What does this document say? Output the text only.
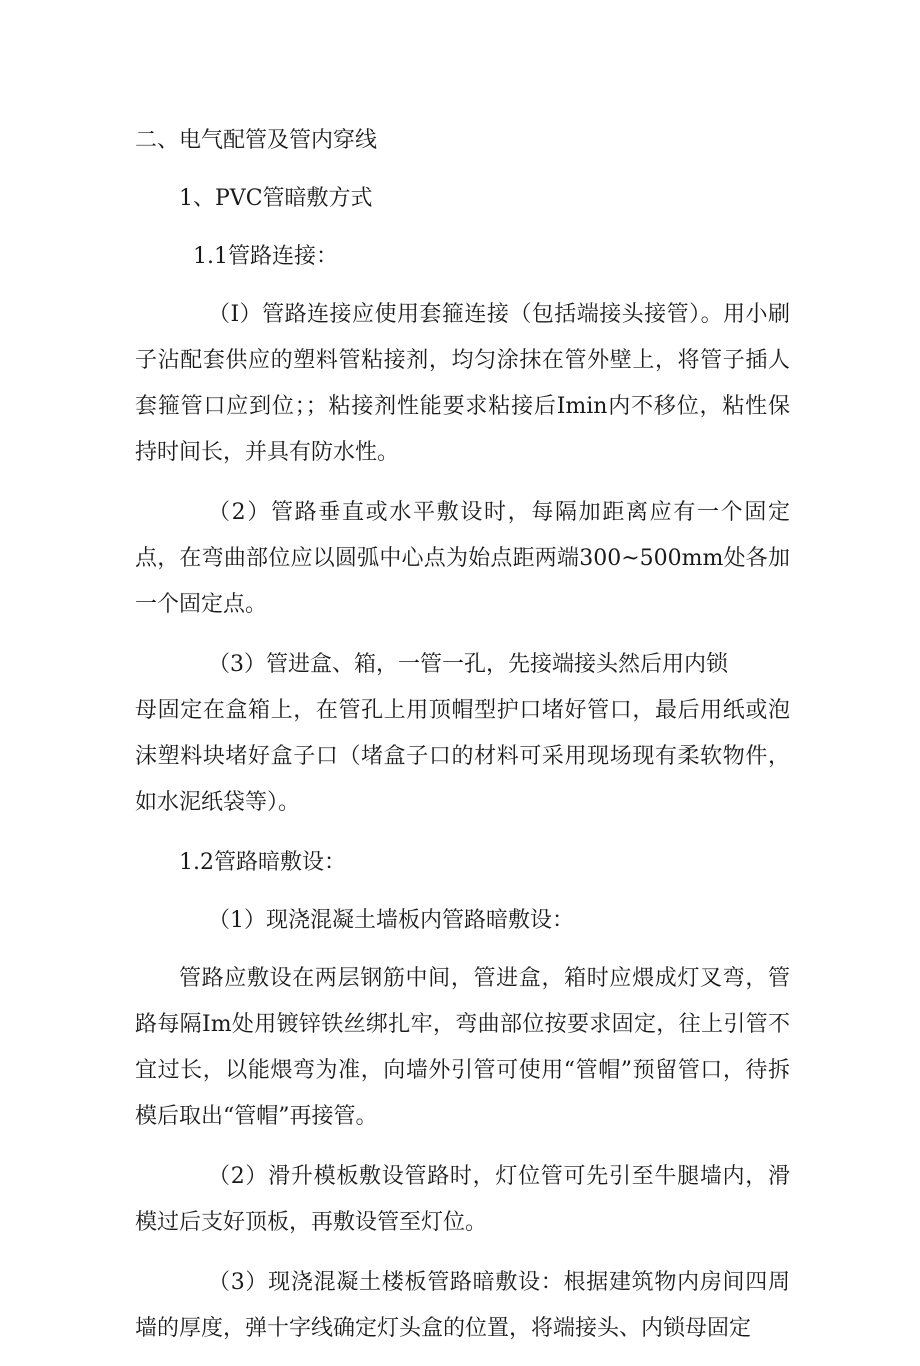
二、电气配管及管内穿线
1、PVC管暗敷方式
1.1管路连接：
（I）管路连接应使用套箍连接（包括端接头接管）。用小刷子沾配套供应的塑料管粘接剂，均匀涂抹在管外壁上，将管子插人套箍管口应到位；；粘接剂性能要求粘接后Imin内不移位，粘性保持时间长，并具有防水性。
（2）管路垂直或水平敷设时，每隔加距离应有一个固定点，在弯曲部位应以圆弧中心点为始点距两端300~500mm处各加一个固定点。
（3）管进盒、箱，一管一孔，先接端接头然后用内锁
母固定在盒箱上，在管孔上用顶帽型护口堵好管口，最后用纸或泡沫塑料块堵好盒子口（堵盒子口的材料可采用现场现有柔软物件，如水泥纸袋等）。
1.2管路暗敷设：
（1）现浇混凝土墙板内管路暗敷设：
管路应敷设在两层钢筋中间，管进盒，箱时应煨成灯叉弯，管路每隔Im处用镀锌铁丝绑扎牢，弯曲部位按要求固定，往上引管不宜过长，以能煨弯为准，向墙外引管可使用“管帽”预留管口，待拆模后取出“管帽”再接管。
（2）滑升模板敷设管路时，灯位管可先引至牛腿墙内，滑模过后支好顶板，再敷设管至灯位。
（3）现浇混凝土楼板管路暗敷设：根据建筑物内房间四周墙的厚度，弹十字线确定灯头盒的位置，将端接头、内锁母固定
